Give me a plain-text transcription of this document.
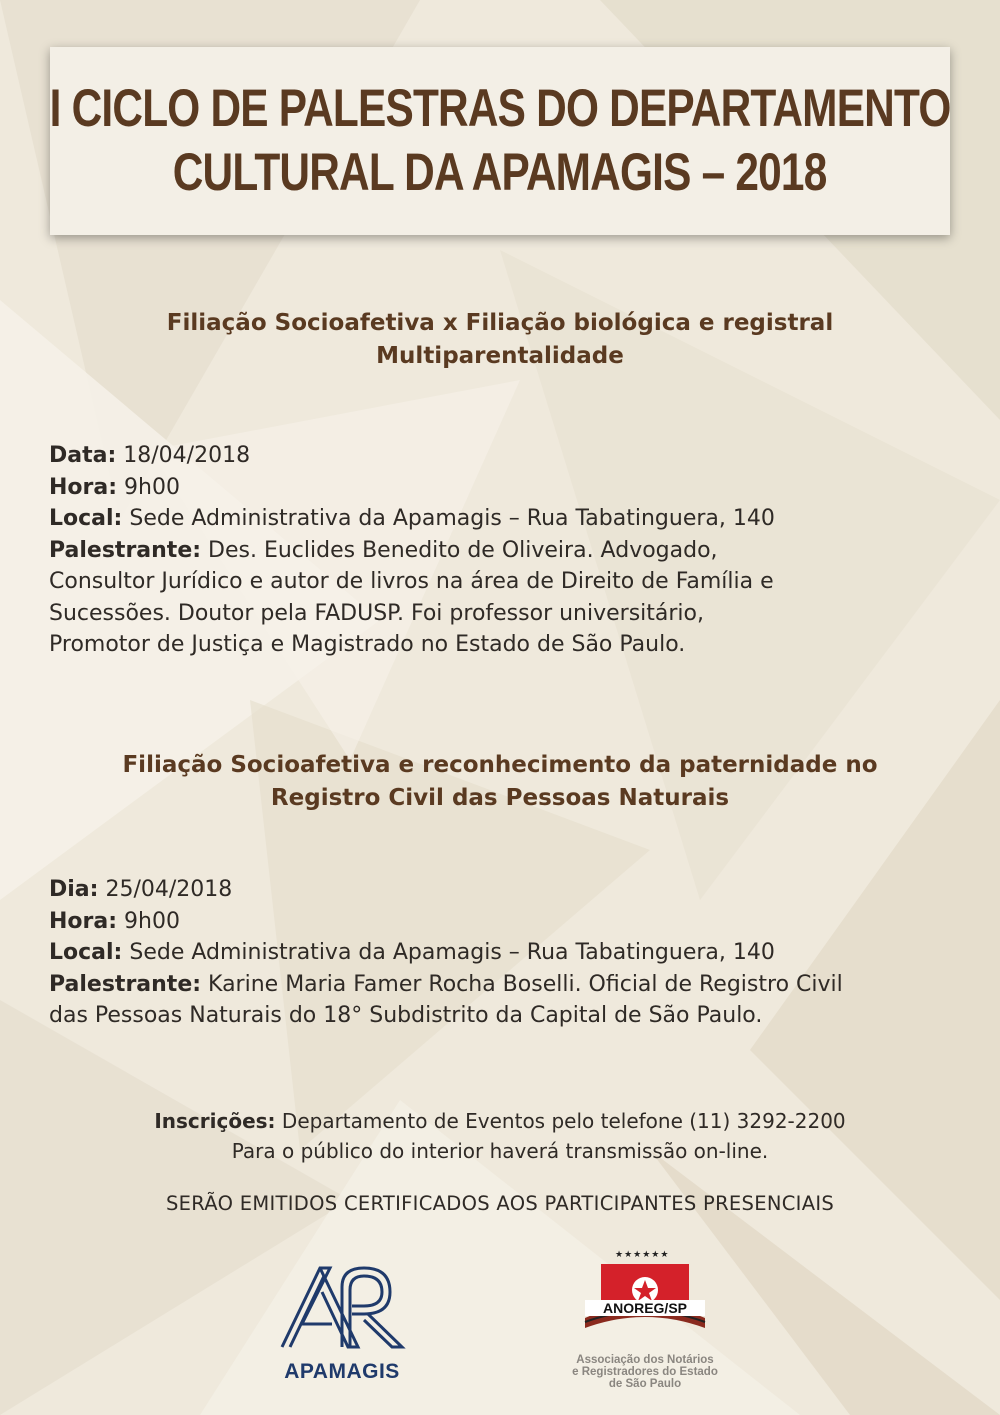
I CICLO DE PALESTRAS DO DEPARTAMENTO
CULTURAL DA APAMAGIS – 2018
Filiação Socioafetiva x Filiação biológica e registral
Multiparentalidade
Data: 18/04/2018
Hora: 9h00
Local: Sede Administrativa da Apamagis – Rua Tabatinguera, 140
Palestrante: Des. Euclides Benedito de Oliveira. Advogado,
Consultor Jurídico e autor de livros na área de Direito de Família e
Sucessões. Doutor pela FADUSP. Foi professor universitário,
Promotor de Justiça e Magistrado no Estado de São Paulo.
Filiação Socioafetiva e reconhecimento da paternidade no
Registro Civil das Pessoas Naturais
Dia: 25/04/2018
Hora: 9h00
Local: Sede Administrativa da Apamagis – Rua Tabatinguera, 140
Palestrante: Karine Maria Famer Rocha Boselli. Oficial de Registro Civil
das Pessoas Naturais do 18° Subdistrito da Capital de São Paulo.
Inscrições: Departamento de Eventos pelo telefone (11) 3292-2200
Para o público do interior haverá transmissão on-line.
SERÃO EMITIDOS CERTIFICADOS AOS PARTICIPANTES PRESENCIAIS
APAMAGIS
★★★★★★
ANOREG/SP
Associação dos Notários
e Registradores do Estado
de São Paulo
